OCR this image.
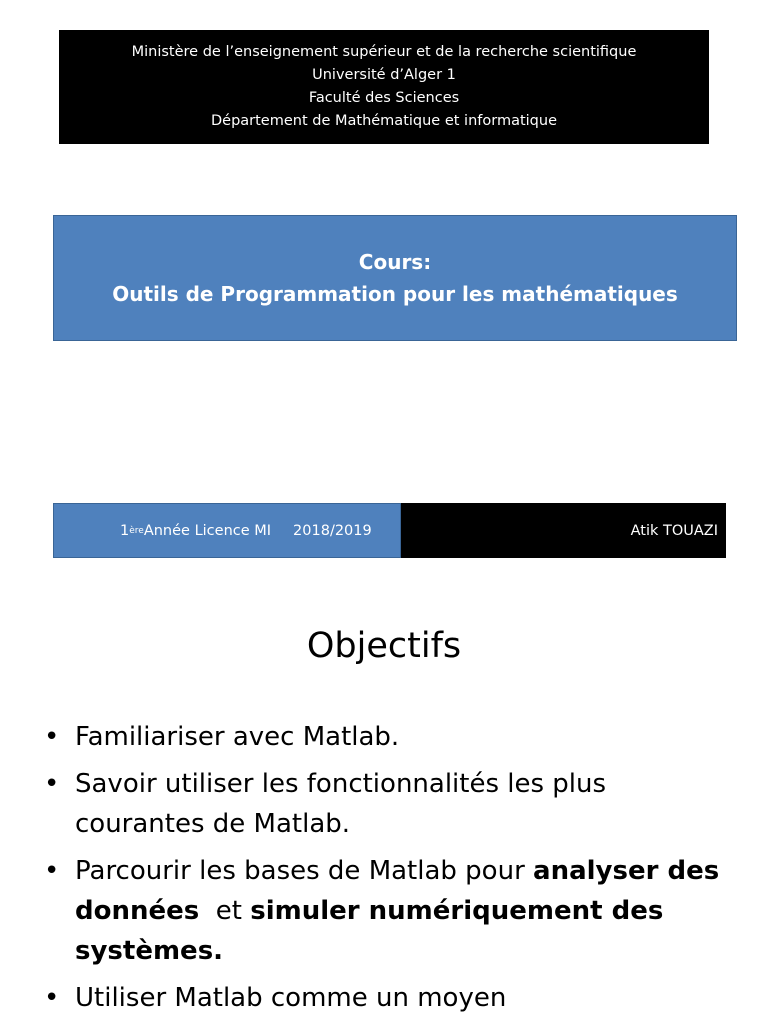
Ministère de l’enseignement supérieur et de la recherche scientifique
Université d’Alger 1
Faculté des Sciences
Département de Mathématique et informatique
Cours:
Outils de Programmation pour les mathématiques
1 ère Année Licence MI 2018/2019	Atik TOUAZI
Objectifs
• Familiariser avec Matlab.
• Savoir utiliser les fonctionnalités les plus courantes de Matlab.
• Parcourir les bases de Matlab pour analyser des données  et simuler numériquement des systèmes.
• Utiliser Matlab comme un moyen
